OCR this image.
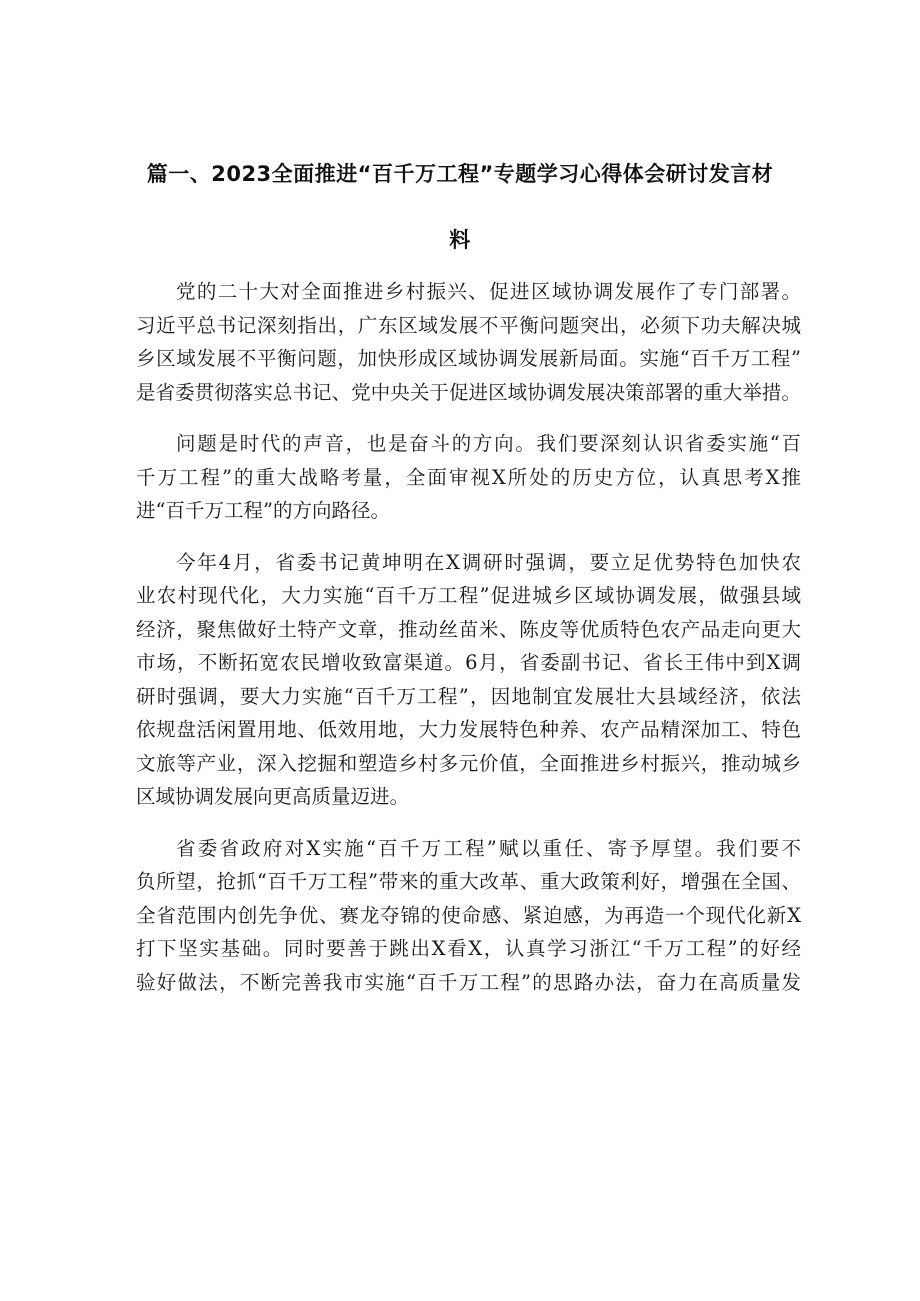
篇一、2023全面推进“百千万工程”专题学习心得体会研讨发言材
料
党的二十大对全面推进乡村振兴、促进区域协调发展作了专门部署。
习近平总书记深刻指出，广东区域发展不平衡问题突出，必须下功夫解决城
乡区域发展不平衡问题，加快形成区域协调发展新局面。实施“百千万工程”
是省委贯彻落实总书记、党中央关于促进区域协调发展决策部署的重大举措。
问题是时代的声音，也是奋斗的方向。我们要深刻认识省委实施“百
千万工程”的重大战略考量，全面审视X所处的历史方位，认真思考X推
进“百千万工程”的方向路径。
今年4月，省委书记黄坤明在X调研时强调，要立足优势特色加快农
业农村现代化，大力实施“百千万工程”促进城乡区域协调发展，做强县域
经济，聚焦做好土特产文章，推动丝苗米、陈皮等优质特色农产品走向更大
市场，不断拓宽农民增收致富渠道。6月，省委副书记、省长王伟中到X调
研时强调，要大力实施“百千万工程”，因地制宜发展壮大县域经济，依法
依规盘活闲置用地、低效用地，大力发展特色种养、农产品精深加工、特色
文旅等产业，深入挖掘和塑造乡村多元价值，全面推进乡村振兴，推动城乡
区域协调发展向更高质量迈进。
省委省政府对X实施“百千万工程”赋以重任、寄予厚望。我们要不
负所望，抢抓“百千万工程”带来的重大改革、重大政策利好，增强在全国、
全省范围内创先争优、赛龙夺锦的使命感、紧迫感，为再造一个现代化新X
打下坚实基础。同时要善于跳出X看X，认真学习浙江“千万工程”的好经
验好做法，不断完善我市实施“百千万工程”的思路办法，奋力在高质量发
